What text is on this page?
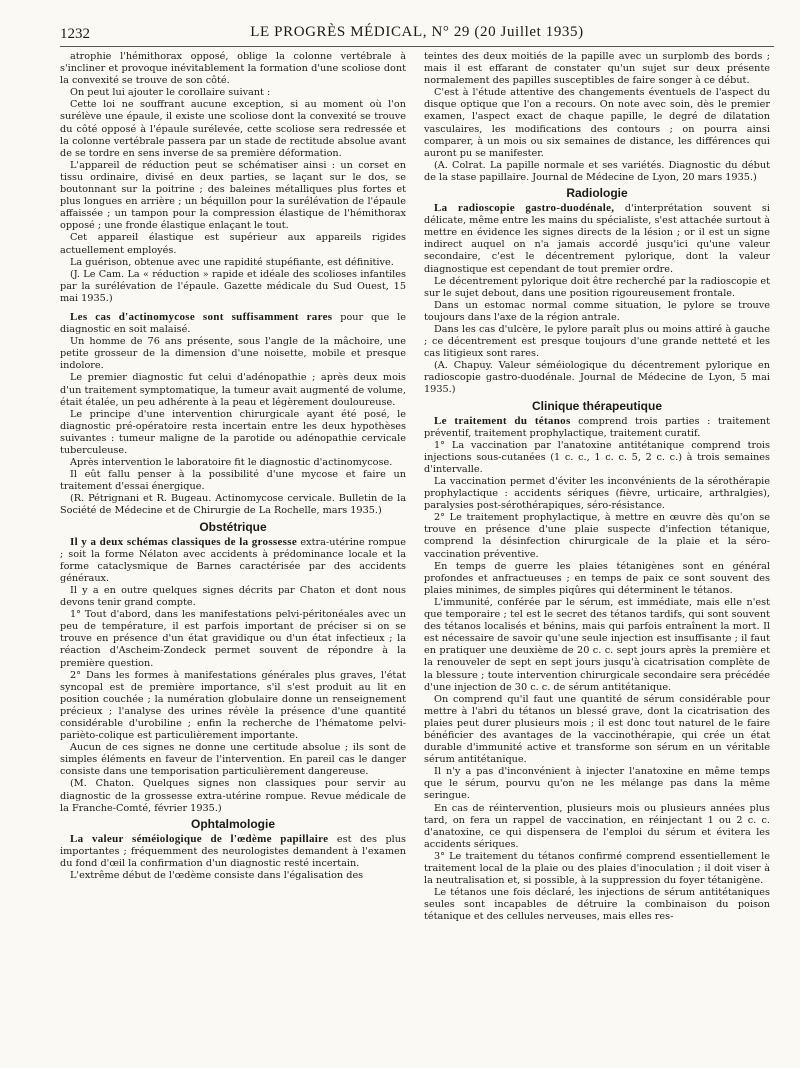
1232	LE PROGRÈS MÉDICAL, N° 29 (20 Juillet 1935)

atrophie l'hémithorax opposé, oblige la colonne vertébrale à s'incliner et provoque inévitablement la formation d'une scoliose dont la convexité se trouve de son côté.

On peut lui ajouter le corollaire suivant :

Cette loi ne souffrant aucune exception, si au moment où l'on surélève une épaule, il existe une scoliose dont la convexité se trouve du côté opposé à l'épaule surélevée, cette scoliose sera redressée et la colonne vertébrale passera par un stade de rectitude absolue avant de se tordre en sens inverse de sa première déformation.

L'appareil de réduction peut se schématiser ainsi : un corset en tissu ordinaire, divisé en deux parties, se laçant sur le dos, se boutonnant sur la poitrine ; des baleines métalliques plus fortes et plus longues en arrière ; un béquillon pour la surélévation de l'épaule affaissée ; un tampon pour la compression élastique de l'hémithorax opposé ; une fronde élastique enlaçant le tout.

Cet appareil élastique est supérieur aux appareils rigides actuellement employés.

La guérison, obtenue avec une rapidité stupéfiante, est définitive.

(J. Le Cam. La « réduction » rapide et idéale des scolioses infantiles par la surélévation de l'épaule. Gazette médicale du Sud Ouest, 15 mai 1935.)

Les cas d'actinomycose sont suffisamment rares pour que le diagnostic en soit malaisé.

Un homme de 76 ans présente, sous l'angle de la mâchoire, une petite grosseur de la dimension d'une noisette, mobile et presque indolore.

Le premier diagnostic fut celui d'adénopathie ; après deux mois d'un traitement symptomatique, la tumeur avait augmenté de volume, était étalée, un peu adhérente à la peau et légèrement douloureuse.

Le principe d'une intervention chirurgicale ayant été posé, le diagnostic pré-opératoire resta incertain entre les deux hypothèses suivantes : tumeur maligne de la parotide ou adénopathie cervicale tuberculeuse.

Après intervention le laboratoire fit le diagnostic d'actinomycose.

Il eût fallu penser à la possibilité d'une mycose et faire un traitement d'essai énergique.

(R. Pétrignani et R. Bugeau. Actinomycose cervicale. Bulletin de la Société de Médecine et de Chirurgie de La Rochelle, mars 1935.)

Obstétrique

Il y a deux schémas classiques de la grossesse extra-utérine rompue ; soit la forme Nélaton avec accidents à prédominance locale et la forme cataclysmique de Barnes caractérisée par des accidents généraux.

Il y a en outre quelques signes décrits par Chaton et dont nous devons tenir grand compte.

1° Tout d'abord, dans les manifestations pelvi-péritonéales avec un peu de température, il est parfois important de préciser si on se trouve en présence d'un état gravidique ou d'un état infectieux ; la réaction d'Ascheim-Zondeck permet souvent de répondre à la première question.

2° Dans les formes à manifestations générales plus graves, l'état syncopal est de première importance, s'il s'est produit au lit en position couchée ; la numération globulaire donne un renseignement précieux ; l'analyse des urines révèle la présence d'une quantité considérable d'urobiline ; enfin la recherche de l'hématome pelvi-parièto-colique est particulièrement importante.

Aucun de ces signes ne donne une certitude absolue ; ils sont de simples éléments en faveur de l'intervention. En pareil cas le danger consiste dans une temporisation particulièrement dangereuse.

(M. Chaton. Quelques signes non classiques pour servir au diagnostic de la grossesse extra-utérine rompue. Revue médicale de la Franche-Comté, février 1935.)

Ophtalmologie

La valeur séméiologique de l'œdème papillaire est des plus importantes ; fréquemment des neurologistes demandent à l'examen du fond d'œil la confirmation d'un diagnostic resté incertain.

L'extrême début de l'œdème consiste dans l'égalisation des

teintes des deux moitiés de la papille avec un surplomb des bords ; mais il est effarant de constater qu'un sujet sur deux présente normalement des papilles susceptibles de faire songer à ce début.

C'est à l'étude attentive des changements éventuels de l'aspect du disque optique que l'on a recours. On note avec soin, dès le premier examen, l'aspect exact de chaque papille, le degré de dilatation vasculaires, les modifications des contours ; on pourra ainsi comparer, à un mois ou six semaines de distance, les différences qui auront pu se manifester.

(A. Colrat. La papille normale et ses variétés. Diagnostic du début de la stase papillaire. Journal de Médecine de Lyon, 20 mars 1935.)

Radiologie

La radioscopie gastro-duodénale, d'interprétation souvent si délicate, même entre les mains du spécialiste, s'est attachée surtout à mettre en évidence les signes directs de la lésion ; or il est un signe indirect auquel on n'a jamais accordé jusqu'ici qu'une valeur secondaire, c'est le décentrement pylorique, dont la valeur diagnostique est cependant de tout premier ordre.

Le décentrement pylorique doit être recherché par la radioscopie et sur le sujet debout, dans une position rigoureusement frontale.

Dans un estomac normal comme situation, le pylore se trouve toujours dans l'axe de la région antrale.

Dans les cas d'ulcère, le pylore paraît plus ou moins attiré à gauche ; ce décentrement est presque toujours d'une grande netteté et les cas litigieux sont rares.

(A. Chapuy. Valeur séméiologique du décentrement pylorique en radioscopie gastro-duodénale. Journal de Médecine de Lyon, 5 mai 1935.)

Clinique thérapeutique

Le traitement du tétanos comprend trois parties : traitement préventif, traitement prophylactique, traitement curatif.

1° La vaccination par l'anatoxine antitétanique comprend trois injections sous-cutanées (1 c. c., 1 c. c. 5, 2 c. c.) à trois semaines d'intervalle.

La vaccination permet d'éviter les inconvénients de la sérothérapie prophylactique : accidents sériques (fièvre, urticaire, arthralgies), paralysies post-sérothérapiques, séro-résistance.

2° Le traitement prophylactique, à mettre en œuvre dès qu'on se trouve en présence d'une plaie suspecte d'infection tétanique, comprend la désinfection chirurgicale de la plaie et la séro-vaccination préventive.

En temps de guerre les plaies tétanigènes sont en général profondes et anfractueuses ; en temps de paix ce sont souvent des plaies minimes, de simples piqûres qui déterminent le tétanos.

L'immunité, conférée par le sérum, est immédiate, mais elle n'est que temporaire ; tel est le secret des tétanos tardifs, qui sont souvent des tétanos localisés et bénins, mais qui parfois entraînent la mort. Il est nécessaire de savoir qu'une seule injection est insuffisante ; il faut en pratiquer une deuxième de 20 c. c. sept jours après la première et la renouveler de sept en sept jours jusqu'à cicatrisation complète de la blessure ; toute intervention chirurgicale secondaire sera précédée d'une injection de 30 c. c. de sérum antitétanique.

On comprend qu'il faut une quantité de sérum considérable pour mettre à l'abri du tétanos un blessé grave, dont la cicatrisation des plaies peut durer plusieurs mois ; il est donc tout naturel de le faire bénéficier des avantages de la vaccinothérapie, qui crée un état durable d'immunité active et transforme son sérum en un véritable sérum antitétanique.

Il n'y a pas d'inconvénient à injecter l'anatoxine en même temps que le sérum, pourvu qu'on ne les mélange pas dans la même seringue.

En cas de réintervention, plusieurs mois ou plusieurs années plus tard, on fera un rappel de vaccination, en réinjectant 1 ou 2 c. c. d'anatoxine, ce qui dispensera de l'emploi du sérum et évitera les accidents sériques.

3° Le traitement du tétanos confirmé comprend essentiellement le traitement local de la plaie ou des plaies d'inoculation ; il doit viser à la neutralisation et, si possible, à la suppression du foyer tétanigène.

Le tétanos une fois déclaré, les injections de sérum antitétaniques seules sont incapables de détruire la combinaison du poison tétanique et des cellules nerveuses, mais elles res-
